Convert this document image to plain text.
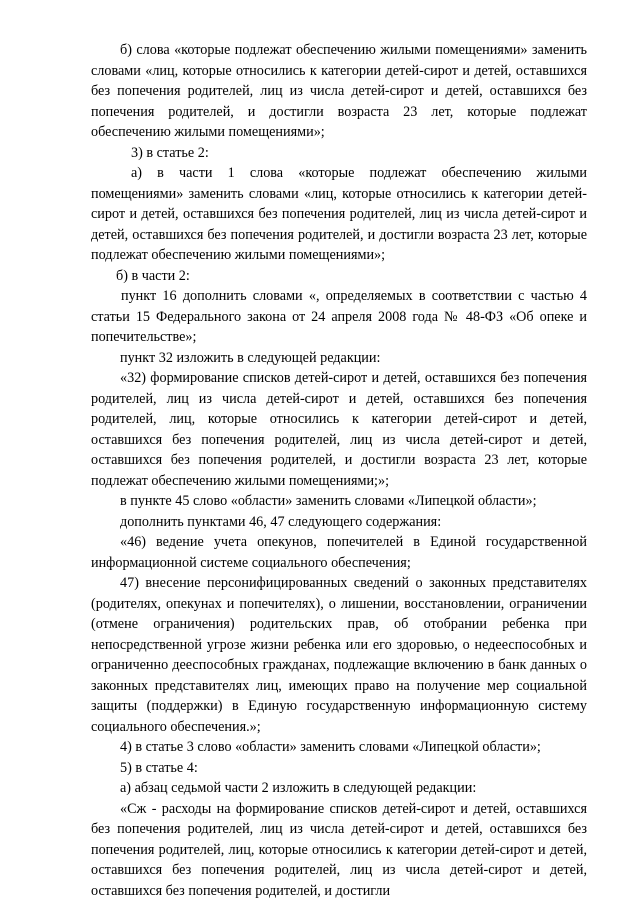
б) слова «которые подлежат обеспечению жилыми помещениями» заменить словами «лиц, которые относились к категории детей-сирот и детей, оставшихся без попечения родителей, лиц из числа детей-сирот и детей, оставшихся без попечения родителей, и достигли возраста 23 лет, которые подлежат обеспечению жилыми помещениями»;

3) в статье 2:

а) в части 1 слова «которые подлежат обеспечению жилыми помещениями» заменить словами «лиц, которые относились к категории детей-сирот и детей, оставшихся без попечения родителей, лиц из числа детей-сирот и детей, оставшихся без попечения родителей, и достигли возраста 23 лет, которые подлежат обеспечению жилыми помещениями»;

б) в части 2:

пункт 16 дополнить словами «, определяемых в соответствии с частью 4 статьи 15 Федерального закона от 24 апреля 2008 года № 48-ФЗ «Об опеке и попечительстве»;

пункт 32 изложить в следующей редакции:

«32) формирование списков детей-сирот и детей, оставшихся без попечения родителей, лиц из числа детей-сирот и детей, оставшихся без попечения родителей, лиц, которые относились к категории детей-сирот и детей, оставшихся без попечения родителей, лиц из числа детей-сирот и детей, оставшихся без попечения родителей, и достигли возраста 23 лет, которые подлежат обеспечению жилыми помещениями;»;

в пункте 45 слово «области» заменить словами «Липецкой области»;

дополнить пунктами 46, 47 следующего содержания:

«46) ведение учета опекунов, попечителей в Единой государственной информационной системе социального обеспечения;

47) внесение персонифицированных сведений о законных представителях (родителях, опекунах и попечителях), о лишении, восстановлении, ограничении (отмене ограничения) родительских прав, об отобрании ребенка при непосредственной угрозе жизни ребенка или его здоровью, о недееспособных и ограниченно дееспособных гражданах, подлежащие включению в банк данных о законных представителях лиц, имеющих право на получение мер социальной защиты (поддержки) в Единую государственную информационную систему социального обеспечения.»;

4) в статье 3 слово «области» заменить словами «Липецкой области»;

5) в статье 4:

а) абзац седьмой части 2 изложить в следующей редакции:

«Сж - расходы на формирование списков детей-сирот и детей, оставшихся без попечения родителей, лиц из числа детей-сирот и детей, оставшихся без попечения родителей, лиц, которые относились к категории детей-сирот и детей, оставшихся без попечения родителей, лиц из числа детей-сирот и детей, оставшихся без попечения родителей, и достигли
